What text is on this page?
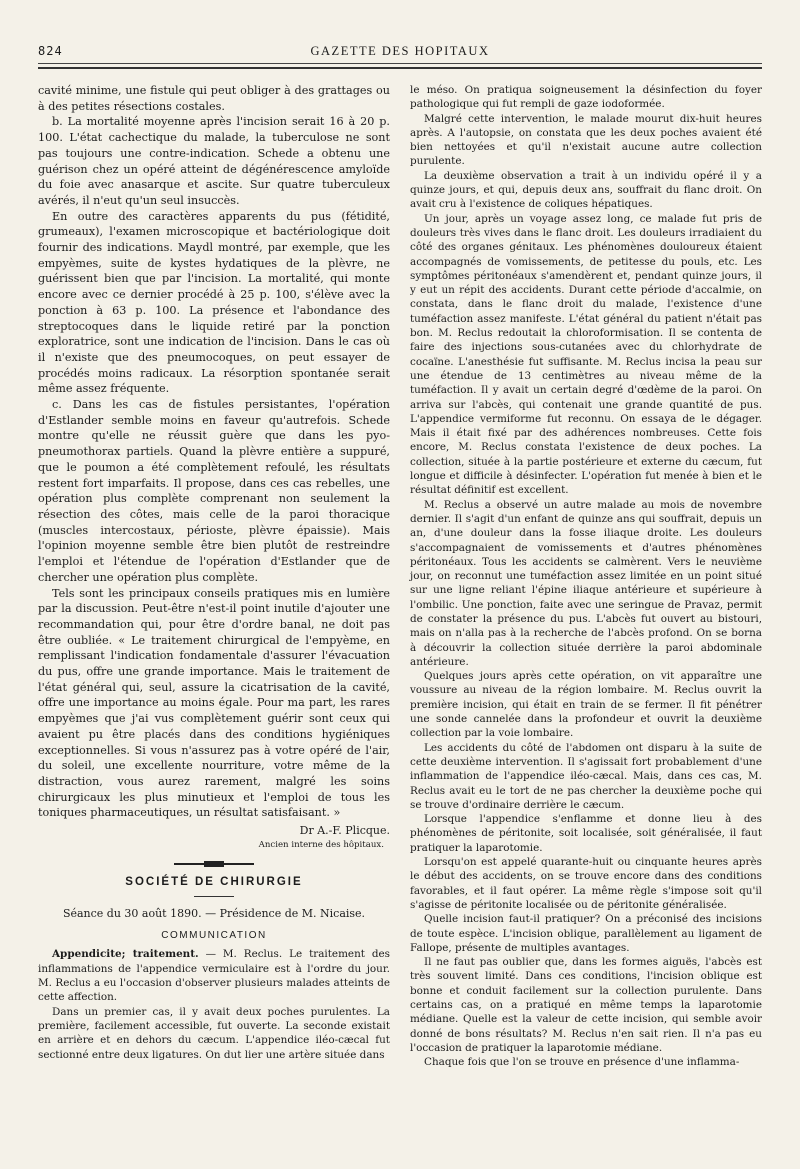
824	GAZETTE DES HOPITAUX

cavité minime, une fistule qui peut obliger à des grattages ou à des petites résections costales.

b. La mortalité moyenne après l'incision serait 16 à 20 p. 100. L'état cachectique du malade, la tuberculose ne sont pas toujours une contre-indication. Schede a obtenu une guérison chez un opéré atteint de dégénérescence amyloïde du foie avec anasarque et ascite. Sur quatre tuberculeux avérés, il n'eut qu'un seul insuccès.

En outre des caractères apparents du pus (fétidité, grumeaux), l'examen microscopique et bactériologique doit fournir des indications. Maydl montré, par exemple, que les empyèmes, suite de kystes hydatiques de la plèvre, ne guérissent bien que par l'incision. La mortalité, qui monte encore avec ce dernier procédé à 25 p. 100, s'élève avec la ponction à 63 p. 100. La présence et l'abondance des streptocoques dans le liquide retiré par la ponction exploratrice, sont une indication de l'incision. Dans le cas où il n'existe que des pneumocoques, on peut essayer de procédés moins radicaux. La résorption spontanée serait même assez fréquente.

c. Dans les cas de fistules persistantes, l'opération d'Estlander semble moins en faveur qu'autrefois. Schede montre qu'elle ne réussit guère que dans les pyo-pneumothorax partiels. Quand la plèvre entière a suppuré, que le poumon a été complètement refoulé, les résultats restent fort imparfaits. Il propose, dans ces cas rebelles, une opération plus complète comprenant non seulement la résection des côtes, mais celle de la paroi thoracique (muscles intercostaux, périoste, plèvre épaissie). Mais l'opinion moyenne semble être bien plutôt de restreindre l'emploi et l'étendue de l'opération d'Estlander que de chercher une opération plus complète.

Tels sont les principaux conseils pratiques mis en lumière par la discussion. Peut-être n'est-il point inutile d'ajouter une recommandation qui, pour être d'ordre banal, ne doit pas être oubliée. « Le traitement chirurgical de l'empyème, en remplissant l'indication fondamentale d'assurer l'évacuation du pus, offre une grande importance. Mais le traitement de l'état général qui, seul, assure la cicatrisation de la cavité, offre une importance au moins égale. Pour ma part, les rares empyèmes que j'ai vus complètement guérir sont ceux qui avaient pu être placés dans des conditions hygiéniques exceptionnelles. Si vous n'assurez pas à votre opéré de l'air, du soleil, une excellente nourriture, votre même de la distraction, vous aurez rarement, malgré les soins chirurgicaux les plus minutieux et l'emploi de tous les toniques pharmaceutiques, un résultat satisfaisant. »

Dr A.-F. Plicque.
Ancien interne des hôpitaux.
SOCIÉTÉ DE CHIRURGIE
Séance du 30 août 1890. — Présidence de M. Nicaise.
COMMUNICATION

Appendicite; traitement. — M. Reclus. Le traitement des inflammations de l'appendice vermiculaire est à l'ordre du jour. M. Reclus a eu l'occasion d'observer plusieurs malades atteints de cette affection.

Dans un premier cas, il y avait deux poches purulentes. La première, facilement accessible, fut ouverte. La seconde existait en arrière et en dehors du cæcum. L'appendice iléo-cæcal fut sectionné entre deux ligatures. On dut lier une artère située dans

le méso. On pratiqua soigneusement la désinfection du foyer pathologique qui fut rempli de gaze iodoformée.

Malgré cette intervention, le malade mourut dix-huit heures après. A l'autopsie, on constata que les deux poches avaient été bien nettoyées et qu'il n'existait aucune autre collection purulente.

La deuxième observation a trait à un individu opéré il y a quinze jours, et qui, depuis deux ans, souffrait du flanc droit. On avait cru à l'existence de coliques hépatiques.

Un jour, après un voyage assez long, ce malade fut pris de douleurs très vives dans le flanc droit. Les douleurs irradiaient du côté des organes génitaux. Les phénomènes douloureux étaient accompagnés de vomissements, de petitesse du pouls, etc. Les symptômes péritonéaux s'amendèrent et, pendant quinze jours, il y eut un répit des accidents. Durant cette période d'accalmie, on constata, dans le flanc droit du malade, l'existence d'une tuméfaction assez manifeste. L'état général du patient n'était pas bon. M. Reclus redoutait la chloroformisation. Il se contenta de faire des injections sous-cutanées avec du chlorhydrate de cocaïne. L'anesthésie fut suffisante. M. Reclus incisa la peau sur une étendue de 13 centimètres au niveau même de la tuméfaction. Il y avait un certain degré d'œdème de la paroi. On arriva sur l'abcès, qui contenait une grande quantité de pus. L'appendice vermiforme fut reconnu. On essaya de le dégager. Mais il était fixé par des adhérences nombreuses. Cette fois encore, M. Reclus constata l'existence de deux poches. La collection, située à la partie postérieure et externe du cæcum, fut longue et difficile à désinfecter. L'opération fut menée à bien et le résultat définitif est excellent.

M. Reclus a observé un autre malade au mois de novembre dernier. Il s'agit d'un enfant de quinze ans qui souffrait, depuis un an, d'une douleur dans la fosse iliaque droite. Les douleurs s'accompagnaient de vomissements et d'autres phénomènes péritonéaux. Tous les accidents se calmèrent. Vers le neuvième jour, on reconnut une tuméfaction assez limitée en un point situé sur une ligne reliant l'épine iliaque antérieure et supérieure à l'ombilic. Une ponction, faite avec une seringue de Pravaz, permit de constater la présence du pus. L'abcès fut ouvert au bistouri, mais on n'alla pas à la recherche de l'abcès profond. On se borna à découvrir la collection située derrière la paroi abdominale antérieure.

Quelques jours après cette opération, on vit apparaître une voussure au niveau de la région lombaire. M. Reclus ouvrit la première incision, qui était en train de se fermer. Il fit pénétrer une sonde cannelée dans la profondeur et ouvrit la deuxième collection par la voie lombaire.

Les accidents du côté de l'abdomen ont disparu à la suite de cette deuxième intervention. Il s'agissait fort probablement d'une inflammation de l'appendice iléo-cæcal. Mais, dans ces cas, M. Reclus avait eu le tort de ne pas chercher la deuxième poche qui se trouve d'ordinaire derrière le cæcum.

Lorsque l'appendice s'enflamme et donne lieu à des phénomènes de péritonite, soit localisée, soit généralisée, il faut pratiquer la laparotomie.

Lorsqu'on est appelé quarante-huit ou cinquante heures après le début des accidents, on se trouve encore dans des conditions favorables, et il faut opérer. La même règle s'impose soit qu'il s'agisse de péritonite localisée ou de péritonite généralisée.

Quelle incision faut-il pratiquer? On a préconisé des incisions de toute espèce. L'incision oblique, parallèlement au ligament de Fallope, présente de multiples avantages.

Il ne faut pas oublier que, dans les formes aiguës, l'abcès est très souvent limité. Dans ces conditions, l'incision oblique est bonne et conduit facilement sur la collection purulente. Dans certains cas, on a pratiqué en même temps la laparotomie médiane. Quelle est la valeur de cette incision, qui semble avoir donné de bons résultats? M. Reclus n'en sait rien. Il n'a pas eu l'occasion de pratiquer la laparotomie médiane.

Chaque fois que l'on se trouve en présence d'une inflamma-
